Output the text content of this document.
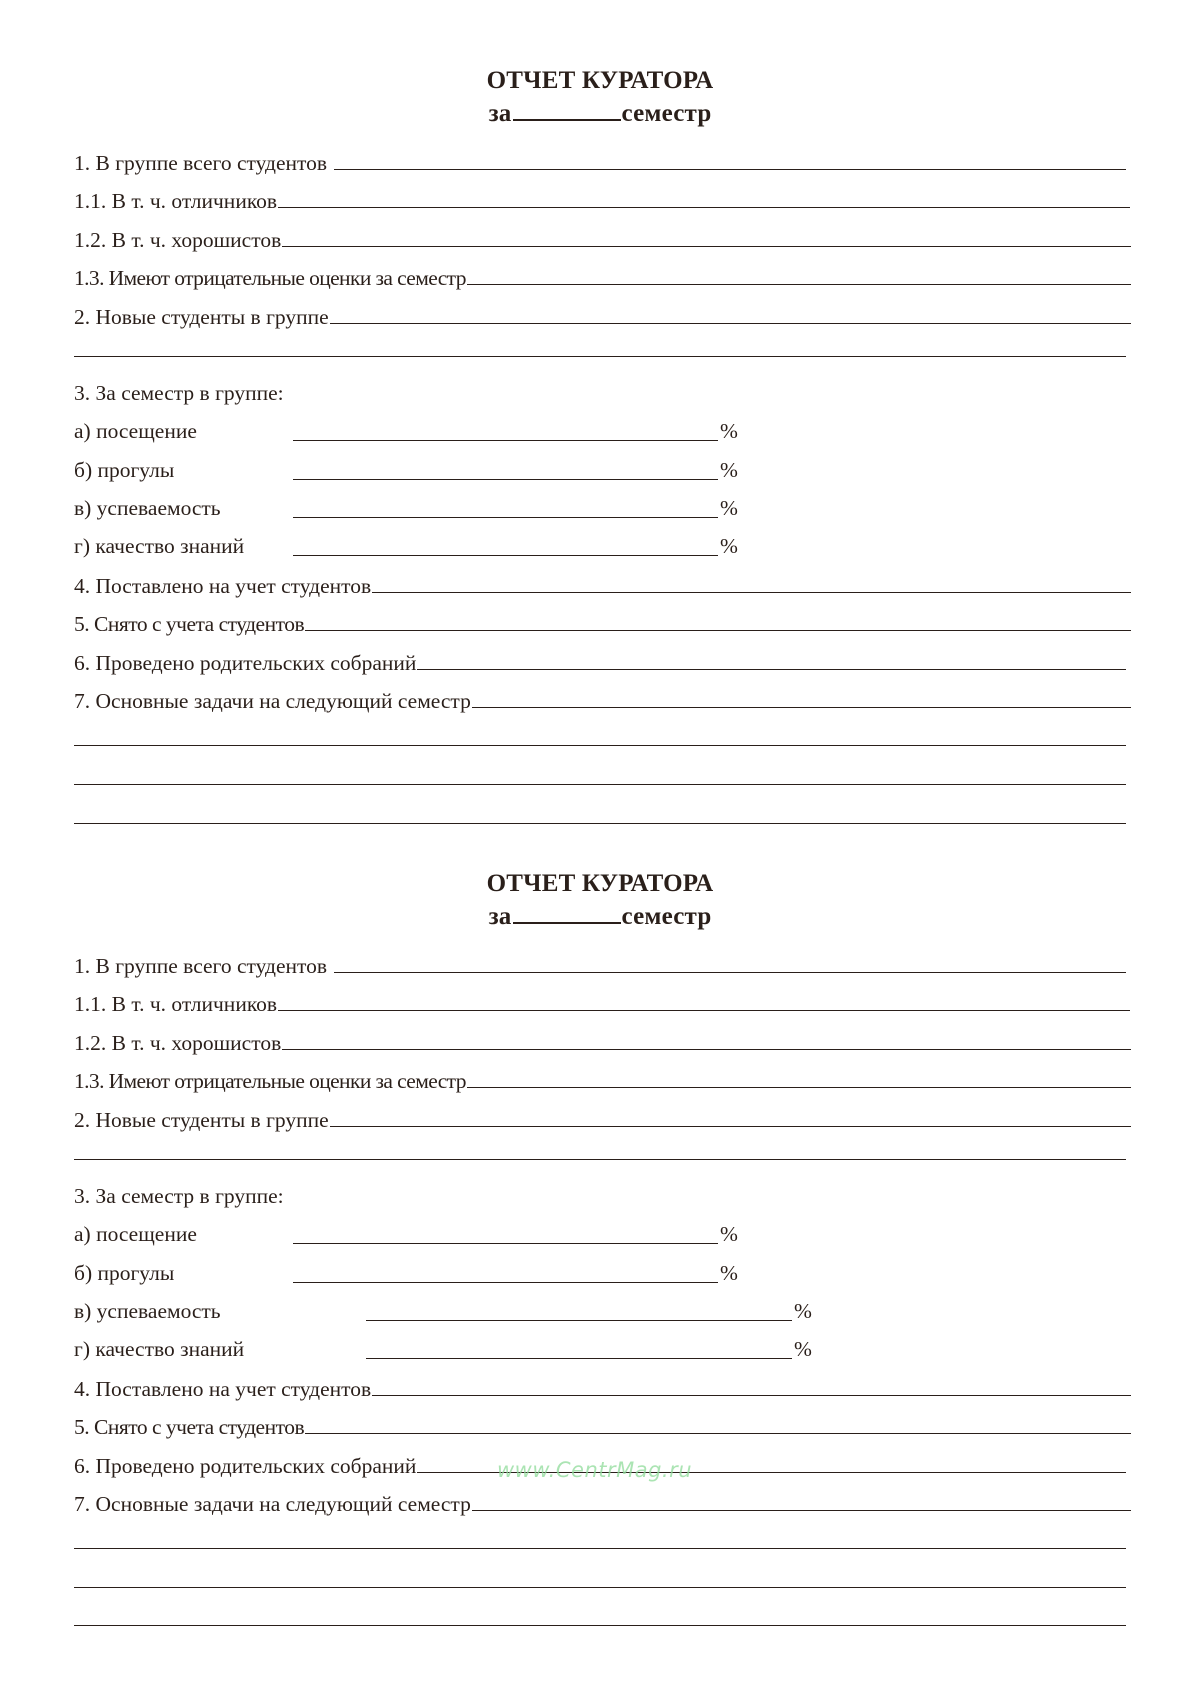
ОТЧЕТ КУРАТОРА
за	семестр
1. В группе всего студентов
1.1. В т. ч. отличников
1.2. В т. ч. хорошистов
1.3. Имеют отрицательные оценки за семестр
2. Новые студенты в группе
3. За семестр в группе:
а) посещение	%
б) прогулы	%
в) успеваемость	%
г) качество знаний	%
4. Поставлено на учет студентов
5. Снято с учета студентов
6. Проведено родительских собраний
7. Основные задачи на следующий семестр
ОТЧЕТ КУРАТОРА
за	семестр
1. В группе всего студентов
1.1. В т. ч. отличников
1.2. В т. ч. хорошистов
1.3. Имеют отрицательные оценки за семестр
2. Новые студенты в группе
3. За семестр в группе:
а) посещение	%
б) прогулы	%
в) успеваемость	%
г) качество знаний	%
4. Поставлено на учет студентов
5. Снято с учета студентов
6. Проведено родительских собраний
7. Основные задачи на следующий семестр
www.CentrMag.ru
